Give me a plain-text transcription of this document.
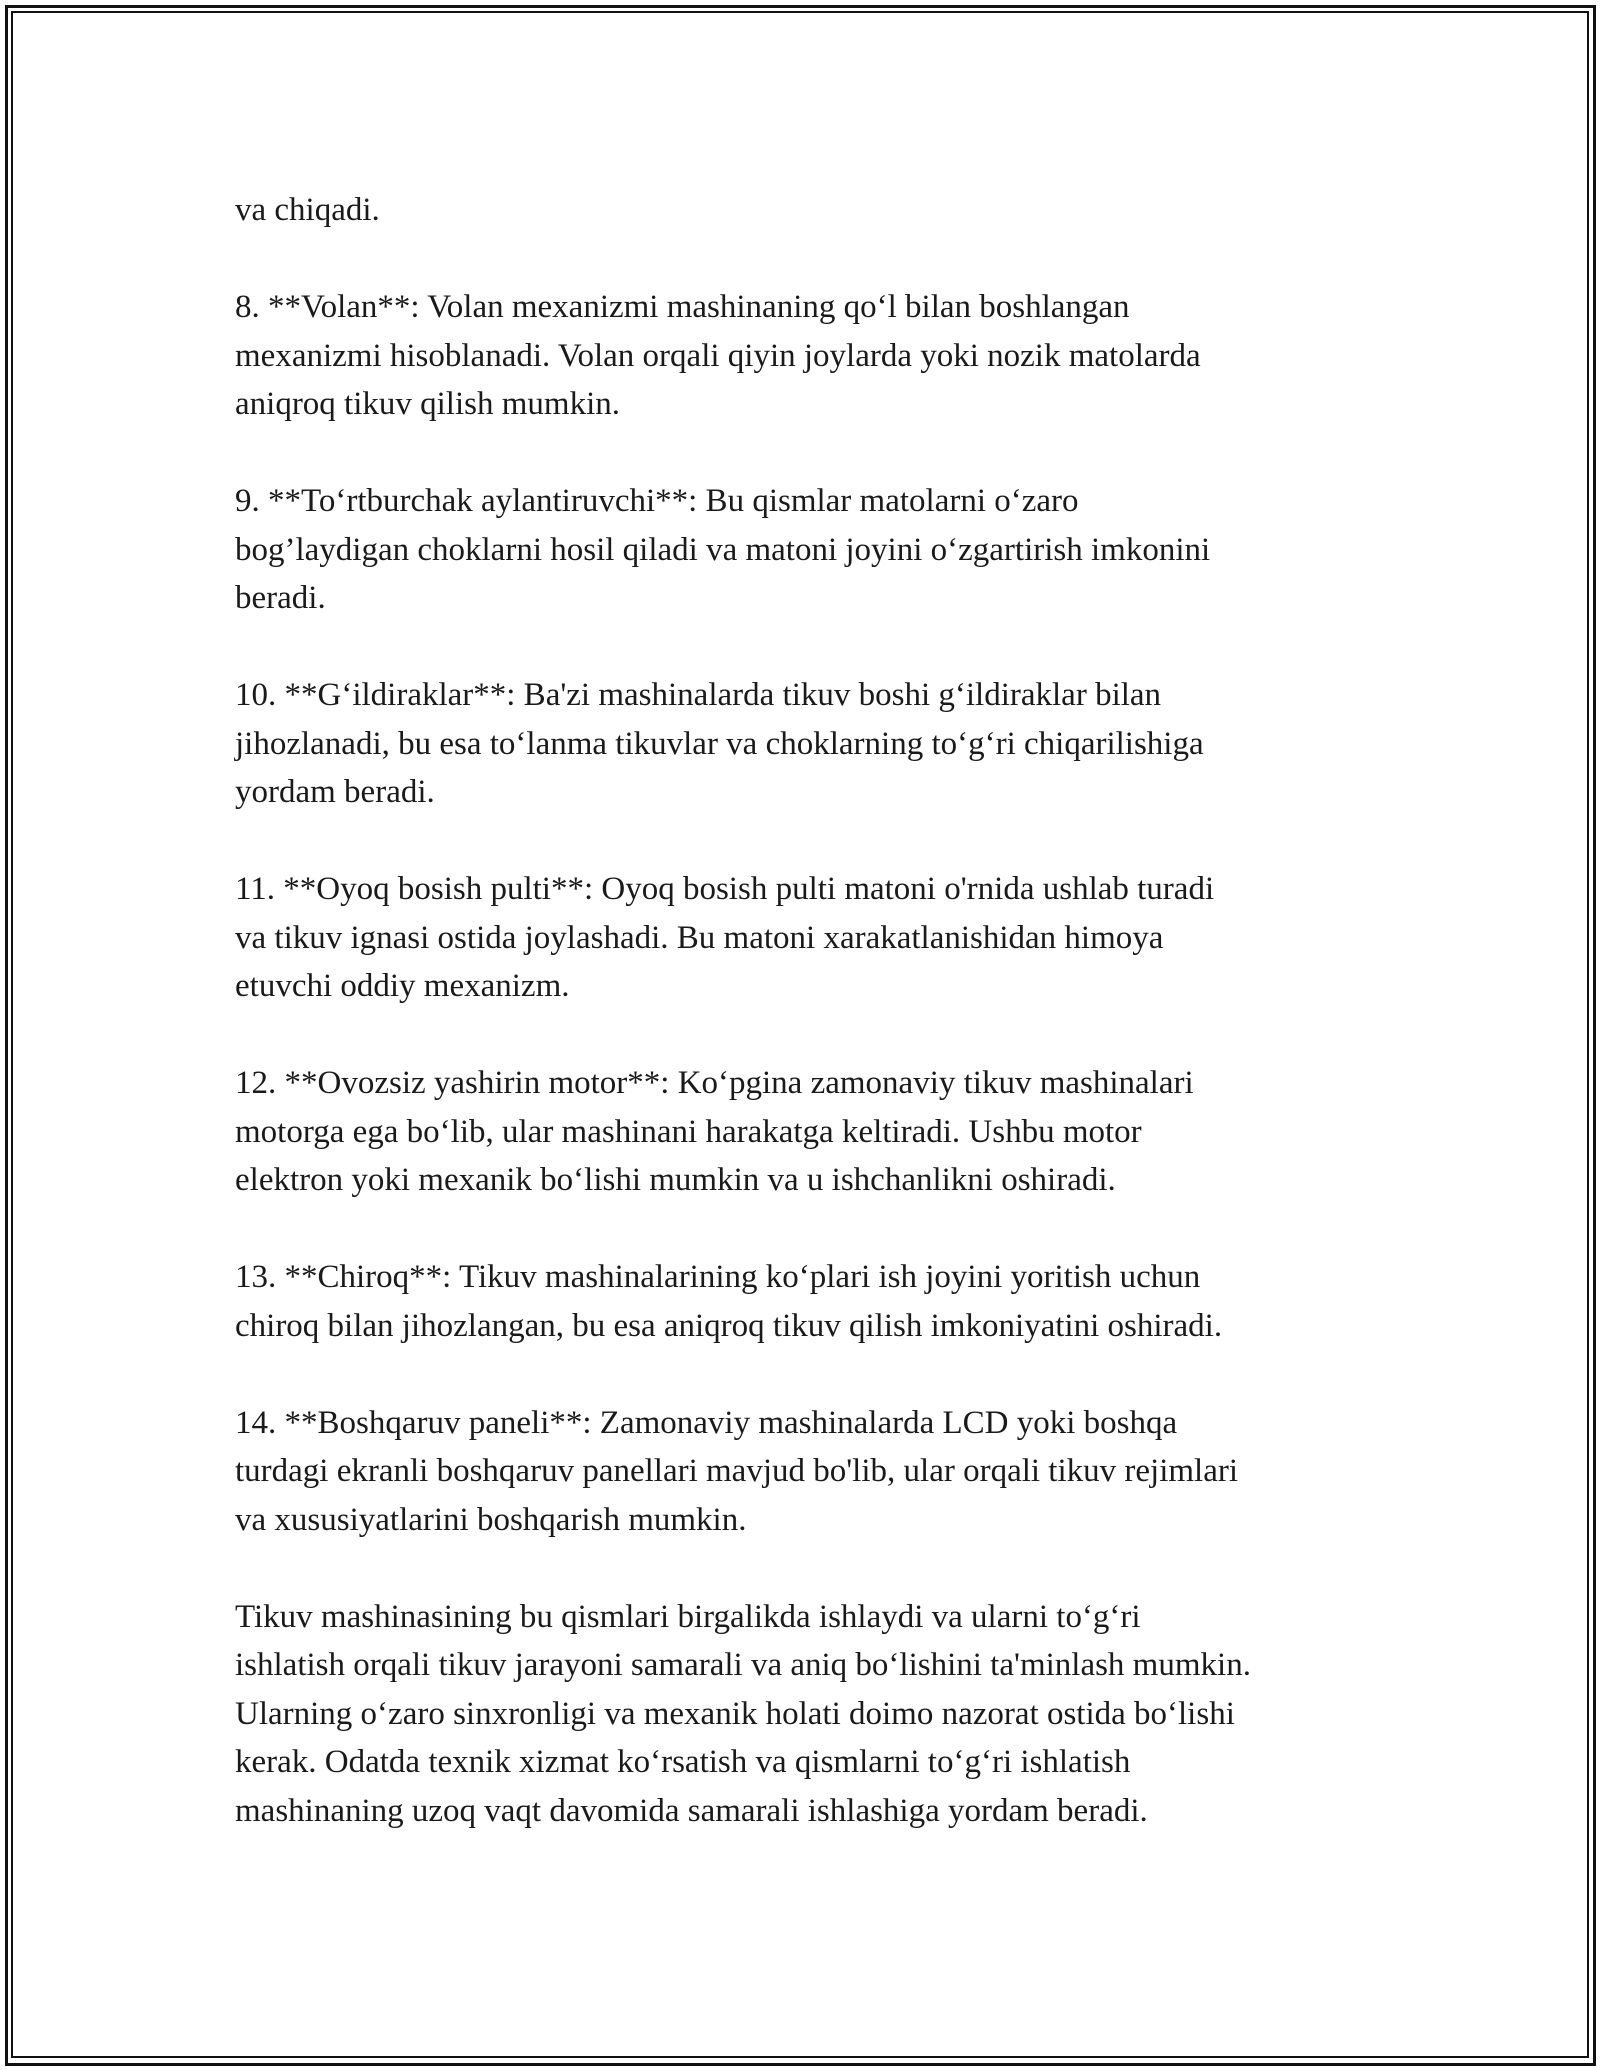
va chiqadi.

8. **Volan**: Volan mexanizmi mashinaning qo‘l bilan boshlangan
mexanizmi hisoblanadi. Volan orqali qiyin joylarda yoki nozik matolarda
aniqroq tikuv qilish mumkin.

9. **To‘rtburchak aylantiruvchi**: Bu qismlar matolarni o‘zaro
bog’laydigan choklarni hosil qiladi va matoni joyini o‘zgartirish imkonini
beradi.

10. **G‘ildiraklar**: Ba'zi mashinalarda tikuv boshi g‘ildiraklar bilan
jihozlanadi, bu esa to‘lanma tikuvlar va choklarning to‘g‘ri chiqarilishiga
yordam beradi.

11. **Oyoq bosish pulti**: Oyoq bosish pulti matoni o'rnida ushlab turadi
va tikuv ignasi ostida joylashadi. Bu matoni xarakatlanishidan himoya
etuvchi oddiy mexanizm.

12. **Ovozsiz yashirin motor**: Ko‘pgina zamonaviy tikuv mashinalari
motorga ega bo‘lib, ular mashinani harakatga keltiradi. Ushbu motor
elektron yoki mexanik bo‘lishi mumkin va u ishchanlikni oshiradi.

13. **Chiroq**: Tikuv mashinalarining ko‘plari ish joyini yoritish uchun
chiroq bilan jihozlangan, bu esa aniqroq tikuv qilish imkoniyatini oshiradi.

14. **Boshqaruv paneli**: Zamonaviy mashinalarda LCD yoki boshqa
turdagi ekranli boshqaruv panellari mavjud bo'lib, ular orqali tikuv rejimlari
va xususiyatlarini boshqarish mumkin.

Tikuv mashinasining bu qismlari birgalikda ishlaydi va ularni to‘g‘ri
ishlatish orqali tikuv jarayoni samarali va aniq bo‘lishini ta'minlash mumkin.
Ularning o‘zaro sinxronligi va mexanik holati doimo nazorat ostida bo‘lishi
kerak. Odatda texnik xizmat ko‘rsatish va qismlarni to‘g‘ri ishlatish
mashinaning uzoq vaqt davomida samarali ishlashiga yordam beradi.
